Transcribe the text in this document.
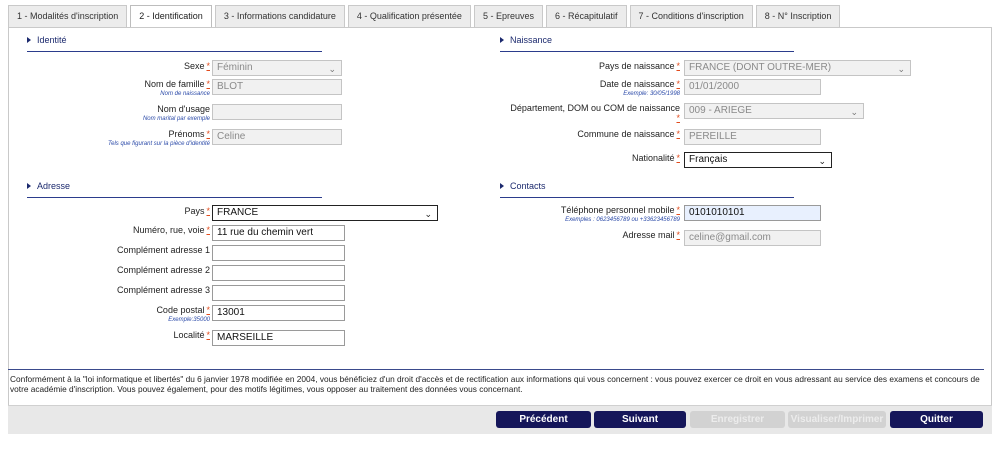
1 - Modalités d'inscription	2 - Identification	3 - Informations candidature	4 - Qualification présentée	5 - Epreuves	6 - Récapitulatif	7 - Conditions d'inscription	8 - N° Inscription
Identité
Sexe * Féminin	⌄
Nom de famille *
Nom de naissance
BLOT
Nom d'usage
Nom marital par exemple
Prénoms *
Tels que figurant sur la pièce d'identité
Celine
Naissance
Pays de naissance * FRANCE (DONT OUTRE-MER)	⌄
Date de naissance *
Exemple: 30/05/1998
01/01/2000
Département, DOM ou COM de naissance
*
009 - ARIEGE	⌄
Commune de naissance * PEREILLE
Nationalité * Français	⌄
Adresse
Pays * FRANCE	⌄
Numéro, rue, voie * 11 rue du chemin vert
Complément adresse 1
Complément adresse 2
Complément adresse 3
Code postal *
Exemple:35000
13001
Localité * MARSEILLE
Contacts
Téléphone personnel mobile *
Exemples : 0623456789 ou +33623456789
0101010101
Adresse mail * celine@gmail.com
Conformément à la "loi informatique et libertés" du 6 janvier 1978 modifiée en 2004, vous bénéficiez d'un droit d'accès et de rectification aux informations qui vous concernent : vous pouvez exercer ce droit en vous adressant au service des examens et concours de votre académie d'inscription. Vous pouvez également, pour des motifs légitimes, vous opposer au traitement des données vous concernant.
Précédent	Suivant	Enregistrer	Visualiser/Imprimer	Quitter
